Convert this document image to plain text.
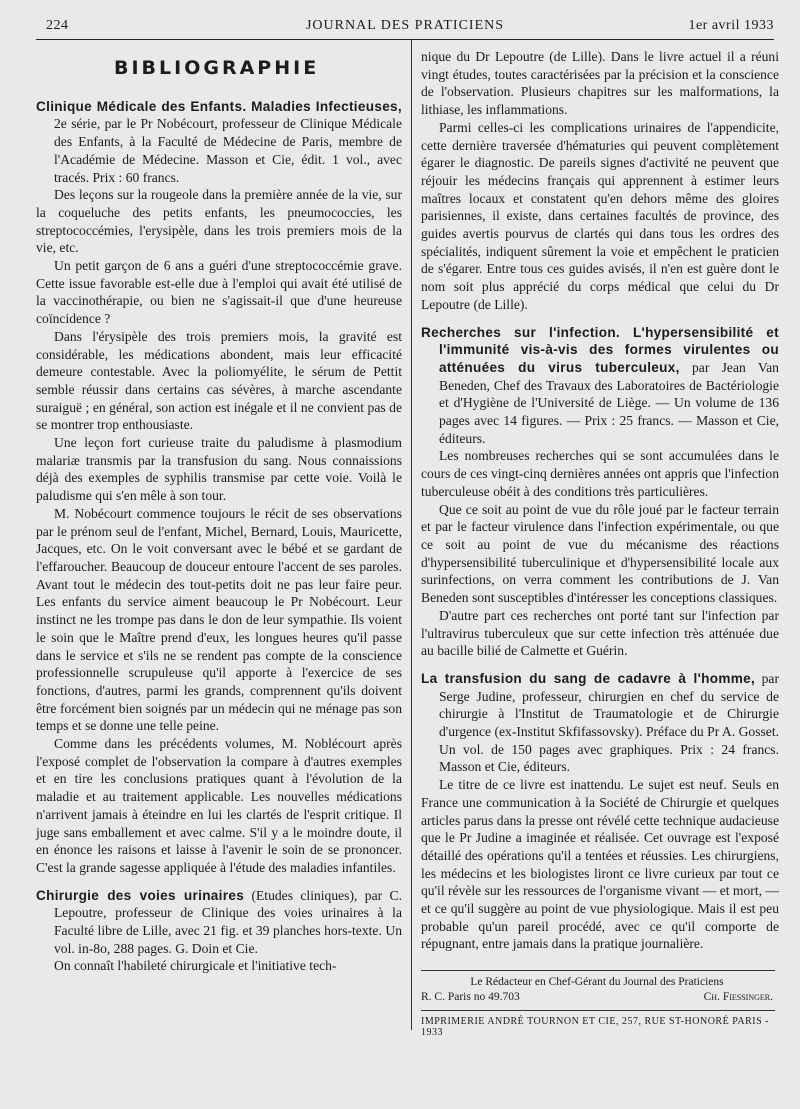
224	JOURNAL DES PRATICIENS	1er avril 1933
BIBLIOGRAPHIE

Clinique Médicale des Enfants. Maladies Infectieuses, 2e série, par le Pr Nobécourt, professeur de Clinique Médicale des Enfants, à la Faculté de Médecine de Paris, membre de l'Académie de Médecine. Masson et Cie, édit. 1 vol., avec tracés. Prix : 60 francs.

Des leçons sur la rougeole dans la première année de la vie, sur la coqueluche des petits enfants, les pneumococcies, les streptococcémies, l'erysipèle, dans les trois premiers mois de la vie, etc.

Un petit garçon de 6 ans a guéri d'une streptococcémie grave. Cette issue favorable est-elle due à l'emploi qui avait été utilisé de la vaccinothérapie, ou bien ne s'agissait-il que d'une heureuse coïncidence ?

Dans l'érysipèle des trois premiers mois, la gravité est considérable, les médications abondent, mais leur efficacité demeure contestable. Avec la poliomyélite, le sérum de Pettit semble réussir dans certains cas sévères, à marche ascendante suraiguë ; en général, son action est inégale et il ne convient pas de se montrer trop enthousiaste.

Une leçon fort curieuse traite du paludisme à plasmodium malariæ transmis par la transfusion du sang. Nous connaissions déjà des exemples de syphilis transmise par cette voie. Voilà le paludisme qui s'en mêle à son tour.

M. Nobécourt commence toujours le récit de ses observations par le prénom seul de l'enfant, Michel, Bernard, Louis, Mauricette, Jacques, etc. On le voit conversant avec le bébé et se gardant de l'effaroucher. Beaucoup de douceur entoure l'accent de ses paroles. Avant tout le médecin des tout-petits doit ne pas leur faire peur. Les enfants du service aiment beaucoup le Pr Nobécourt. Leur instinct ne les trompe pas dans le don de leur sympathie. Ils voient le soin que le Maître prend d'eux, les longues heures qu'il passe dans le service et s'ils ne se rendent pas compte de la conscience professionnelle scrupuleuse qu'il apporte à l'exercice de ses fonctions, d'autres, parmi les grands, comprennent qu'ils doivent être forcément bien soignés par un médecin qui ne ménage pas son temps et se donne une telle peine.

Comme dans les précédents volumes, M. Noblécourt après l'exposé complet de l'observation la compare à d'autres exemples et en tire les conclusions pratiques quant à l'évolution de la maladie et au traitement applicable. Les nouvelles médications n'arrivent jamais à éteindre en lui les clartés de l'esprit critique. Il juge sans emballement et avec calme. S'il y a le moindre doute, il en énonce les raisons et laisse à l'avenir le soin de se prononcer. C'est la grande sagesse appliquée à l'étude des maladies infantiles.

Chirurgie des voies urinaires (Etudes cliniques), par C. Lepoutre, professeur de Clinique des voies urinaires à la Faculté libre de Lille, avec 21 fig. et 39 planches hors-texte. Un vol. in-8o, 288 pages. G. Doin et Cie.

On connaît l'habileté chirurgicale et l'initiative tech-

nique du Dr Lepoutre (de Lille). Dans le livre actuel il a réuni vingt études, toutes caractérisées par la précision et la conscience de l'observation. Plusieurs chapitres sur les malformations, la lithiase, les inflammations.

Parmi celles-ci les complications urinaires de l'appendicite, cette dernière traversée d'hématuries qui peuvent complètement égarer le diagnostic. De pareils signes d'activité ne peuvent que réjouir les médecins français qui apprennent à estimer leurs maîtres locaux et constatent qu'en dehors même des gloires parisiennes, il existe, dans certaines facultés de province, des guides avertis pourvus de clartés qui dans tous les ordres des spécialités, indiquent sûrement la voie et empêchent le praticien de s'égarer. Entre tous ces guides avisés, il n'en est guère dont le nom soit plus apprécié du corps médical que celui du Dr Lepoutre (de Lille).

Recherches sur l'infection. L'hypersensibilité et l'immunité vis-à-vis des formes virulentes ou atténuées du virus tuberculeux, par Jean Van Beneden, Chef des Travaux des Laboratoires de Bactériologie et d'Hygiène de l'Université de Liège. — Un volume de 136 pages avec 14 figures. — Prix : 25 francs. — Masson et Cie, éditeurs.

Les nombreuses recherches qui se sont accumulées dans le cours de ces vingt-cinq dernières années ont appris que l'infection tuberculeuse obéit à des conditions très particulières.

Que ce soit au point de vue du rôle joué par le facteur terrain et par le facteur virulence dans l'infection expérimentale, ou que ce soit au point de vue du mécanisme des réactions d'hypersensibilité tuberculinique et d'hypersensibilité locale aux surinfections, on verra comment les contributions de J. Van Beneden sont susceptibles d'intéresser les conceptions classiques.

D'autre part ces recherches ont porté tant sur l'infection par l'ultravirus tuberculeux que sur cette infection très atténuée due au bacille bilié de Calmette et Guérin.

La transfusion du sang de cadavre à l'homme, par Serge Judine, professeur, chirurgien en chef du service de chirurgie à l'Institut de Traumatologie et de Chirurgie d'urgence (ex-Institut Skfifassovsky). Préface du Pr A. Gosset. Un vol. de 150 pages avec graphiques. Prix : 24 francs. Masson et Cie, éditeurs.

Le titre de ce livre est inattendu. Le sujet est neuf. Seuls en France une communication à la Société de Chirurgie et quelques articles parus dans la presse ont révélé cette technique audacieuse que le Pr Judine a imaginée et réalisée. Cet ouvrage est l'exposé détaillé des opérations qu'il a tentées et réussies. Les chirurgiens, les médecins et les biologistes liront ce livre curieux par tout ce qu'il révèle sur les ressources de l'organisme vivant — et mort, — et ce qu'il suggère au point de vue physiologique. Mais il est peu probable qu'un pareil procédé, avec ce qu'il comporte de répugnant, entre jamais dans la pratique journalière.

Le Rédacteur en Chef-Gérant du Journal des Praticiens
R. C. Paris no 49.703	Ch. Fiessinger.
IMPRIMERIE ANDRÉ TOURNON ET CIE, 257, RUE ST-HONORÉ PARIS - 1933
